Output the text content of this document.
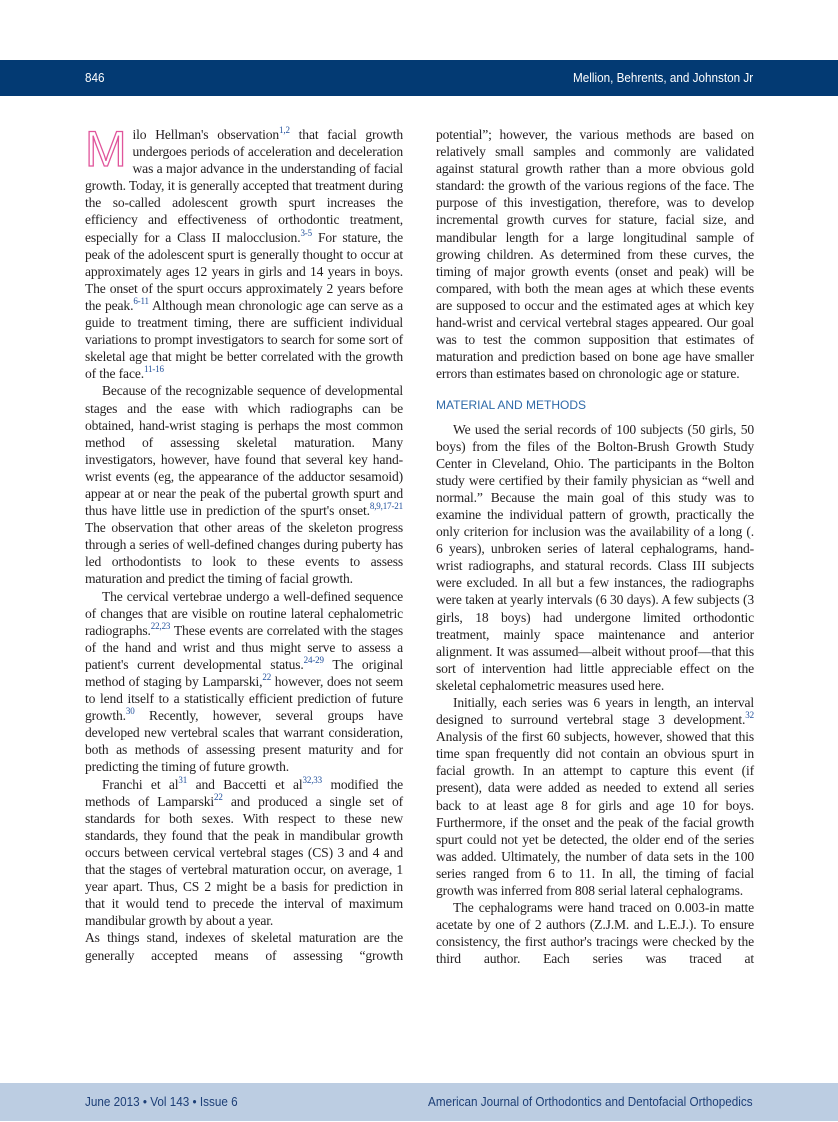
846	Mellion, Behrents, and Johnston Jr

Milo Hellman's observation$^{1,2}$ that facial growth undergoes periods of acceleration and deceleration was a major advance in the understanding of facial growth. Today, it is generally accepted that treatment during the so-called adolescent growth spurt increases the efficiency and effectiveness of orthodontic treatment, especially for a Class II malocclusion.$^{3-5}$ For stature, the peak of the adolescent spurt is generally thought to occur at approximately ages 12 years in girls and 14 years in boys. The onset of the spurt occurs approximately 2 years before the peak.$^{6-11}$ Although mean chronologic age can serve as a guide to treatment timing, there are sufficient individual variations to prompt investigators to search for some sort of skeletal age that might be better correlated with the growth of the face.$^{11-16}$

Because of the recognizable sequence of developmental stages and the ease with which radiographs can be obtained, hand-wrist staging is perhaps the most common method of assessing skeletal maturation. Many investigators, however, have found that several key hand-wrist events (eg, the appearance of the adductor sesamoid) appear at or near the peak of the pubertal growth spurt and thus have little use in prediction of the spurt's onset.$^{8,9,17-21}$ The observation that other areas of the skeleton progress through a series of well-defined changes during puberty has led orthodontists to look to these events to assess maturation and predict the timing of facial growth.

The cervical vertebrae undergo a well-defined sequence of changes that are visible on routine lateral cephalometric radiographs.$^{22,23}$ These events are correlated with the stages of the hand and wrist and thus might serve to assess a patient's current developmental status.$^{24-29}$ The original method of staging by Lamparski,$^{22}$ however, does not seem to lend itself to a statistically efficient prediction of future growth.$^{30}$ Recently, however, several groups have developed new vertebral scales that warrant consideration, both as methods of assessing present maturity and for predicting the timing of future growth.

Franchi et $al^{31}$ and Baccetti et al$^{32,33}$ modified the methods of Lamparski$^{22}$ and produced a single set of standards for both sexes. With respect to these new standards, they found that the peak in mandibular growth occurs between cervical vertebral stages (CS) 3 and 4 and that the stages of vertebral maturation occur, on average, 1 year apart. Thus, CS 2 might be a basis for prediction in that it would tend to precede the interval of maximum mandibular growth by about a year.

As things stand, indexes of skeletal maturation are the generally accepted means of assessing “growth

potential”; however, the various methods are based on relatively small samples and commonly are validated against statural growth rather than a more obvious gold standard: the growth of the various regions of the face. The purpose of this investigation, therefore, was to develop incremental growth curves for stature, facial size, and mandibular length for a large longitudinal sample of growing children. As determined from these curves, the timing of major growth events (onset and peak) will be compared, with both the mean ages at which these events are supposed to occur and the estimated ages at which key hand-wrist and cervical vertebral stages appeared. Our goal was to test the common supposition that estimates of maturation and prediction based on bone age have smaller errors than estimates based on chronologic age or stature.

MATERIAL AND METHODS

We used the serial records of 100 subjects (50 girls, 50 boys) from the files of the Bolton-Brush Growth Study Center in Cleveland, Ohio. The participants in the Bolton study were certified by their family physician as “well and normal.” Because the main goal of this study was to examine the individual pattern of growth, practically the only criterion for inclusion was the availability of a long (. 6 years), unbroken series of lateral cephalograms, hand-wrist radiographs, and statural records. Class III subjects were excluded. In all but a few instances, the radiographs were taken at yearly intervals (6 30 days). A few subjects (3 girls, 18 boys) had undergone limited orthodontic treatment, mainly space maintenance and anterior alignment. It was assumed—albeit without proof—that this sort of intervention had little appreciable effect on the skeletal cephalometric measures used here.

Initially, each series was 6 years in length, an interval designed to surround vertebral stage 3 development.$^{32}$ Analysis of the first 60 subjects, however, showed that this time span frequently did not contain an obvious spurt in facial growth. In an attempt to capture this event (if present), data were added as needed to extend all series back to at least age 8 for girls and age 10 for boys. Furthermore, if the onset and the peak of the facial growth spurt could not yet be detected, the older end of the series was added. Ultimately, the number of data sets in the 100 series ranged from 6 to 11. In all, the timing of facial growth was inferred from 808 serial lateral cephalograms.

The cephalograms were hand traced on 0.003-in matte acetate by one of 2 authors (Z.J.M. and L.E.J.). To ensure consistency, the first author's tracings were checked by the third author. Each series was traced at

June 2013 • Vol 143 • Issue 6	American Journal of Orthodontics and Dentofacial Orthopedics
